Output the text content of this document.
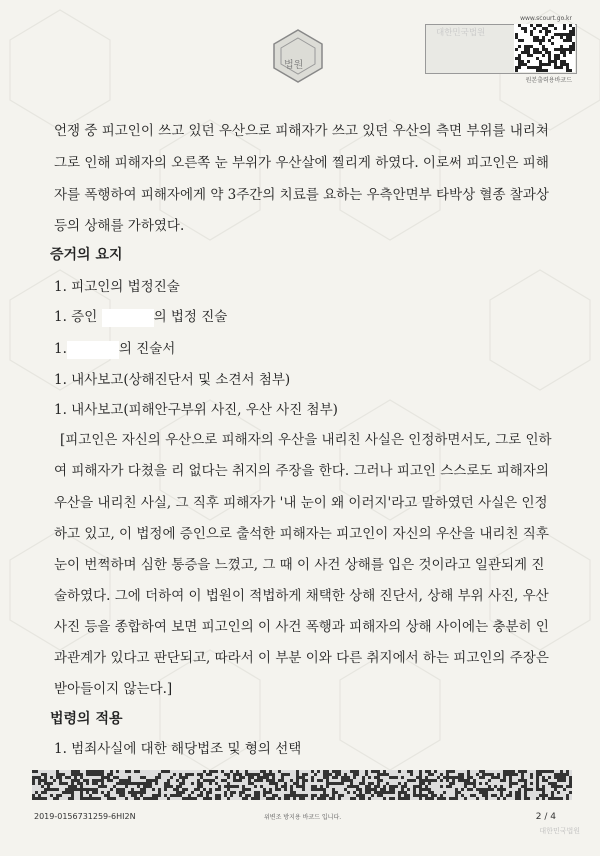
법원
www.scourt.go.kr
대한민국법원
원본출력용바코드
언쟁 중 피고인이 쓰고 있던 우산으로 피해자가 쓰고 있던 우산의 측면 부위를 내리쳐
그로 인해 피해자의 오른쪽 눈 부위가 우산살에 찔리게 하였다. 이로써 피고인은 피해
자를 폭행하여 피해자에게 약 3주간의 치료를 요하는 우측안면부 타박상 혈종 찰과상
등의 상해를 가하였다.
증거의 요지
1. 피고인의 법정진술
1. 증인	의 법정 진술
1.	의 진술서
1. 내사보고(상해진단서 및 소견서 첨부)
1. 내사보고(피해안구부위 사진, 우산 사진 첨부)
[피고인은 자신의 우산으로 피해자의 우산을 내리친 사실은 인정하면서도, 그로 인하
여 피해자가 다쳤을 리 없다는 취지의 주장을 한다. 그러나 피고인 스스로도 피해자의
우산을 내리친 사실, 그 직후 피해자가 '내 눈이 왜 이러지'라고 말하였던 사실은 인정
하고 있고, 이 법정에 증인으로 출석한 피해자는 피고인이 자신의 우산을 내리친 직후
눈이 번쩍하며 심한 통증을 느꼈고, 그 때 이 사건 상해를 입은 것이라고 일관되게 진
술하였다. 그에 더하여 이 법원이 적법하게 채택한 상해 진단서, 상해 부위 사진, 우산
사진 등을 종합하여 보면 피고인의 이 사건 폭행과 피해자의 상해 사이에는 충분히 인
과관계가 있다고 판단되고, 따라서 이 부분 이와 다른 취지에서 하는 피고인의 주장은
받아들이지 않는다.]
법령의 적용
1. 범죄사실에 대한 해당법조 및 형의 선택
2019-0156731259-6HI2N	위변조 방지용 바코드 입니다.	2 / 4
대한민국법원
